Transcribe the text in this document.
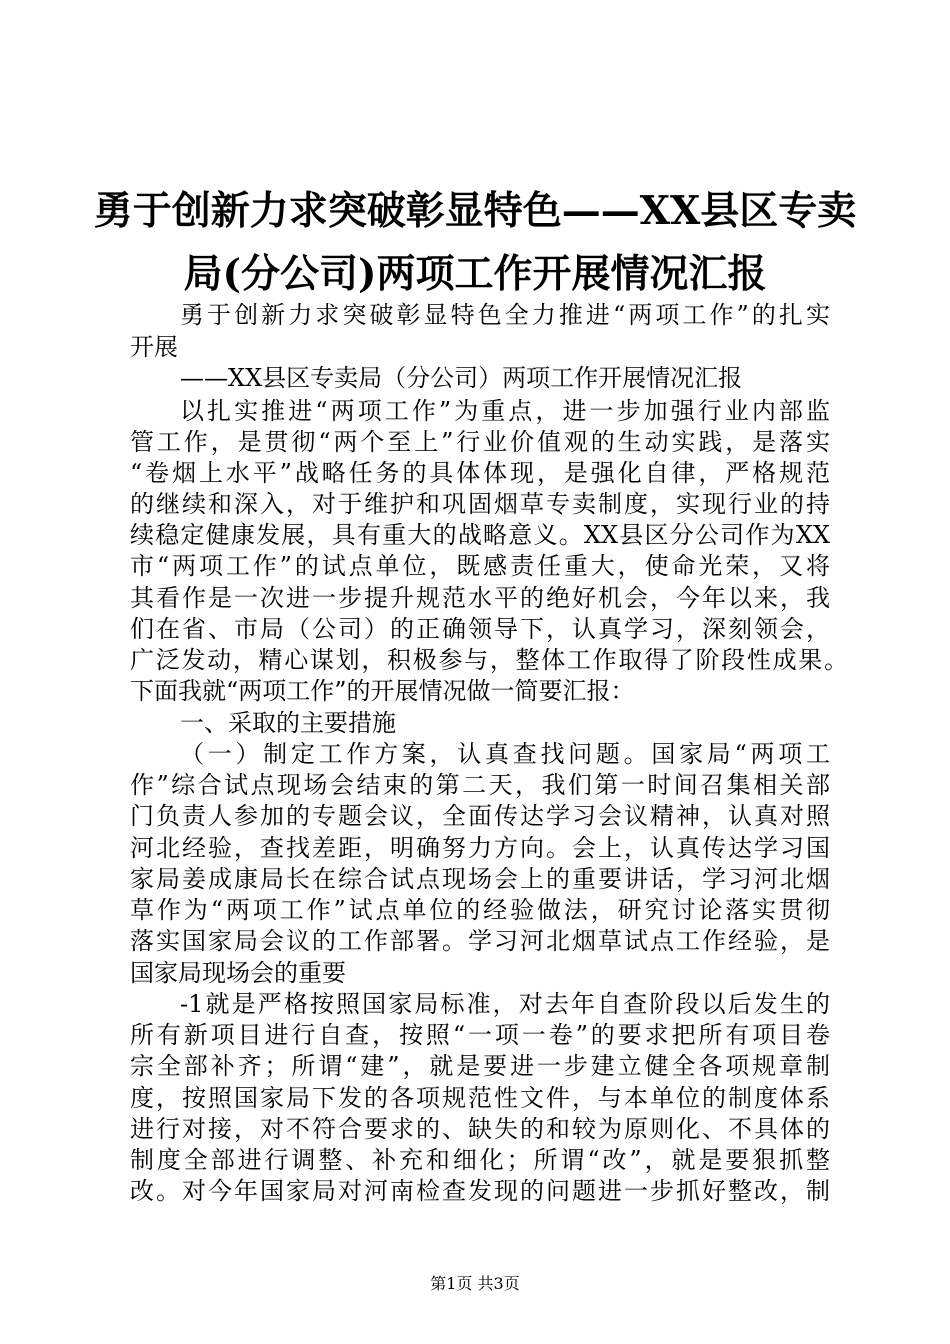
勇于创新力求突破彰显特色——XX县区专卖
局(分公司)两项工作开展情况汇报
勇于创新力求突破彰显特色全力推进“两项工作”的扎实
开展
——XX县区专卖局（分公司）两项工作开展情况汇报
以扎实推进“两项工作”为重点，进一步加强行业内部监
管工作，是贯彻“两个至上”行业价值观的生动实践，是落实
“卷烟上水平”战略任务的具体体现，是强化自律，严格规范
的继续和深入，对于维护和巩固烟草专卖制度，实现行业的持
续稳定健康发展，具有重大的战略意义。XX县区分公司作为XX
市“两项工作”的试点单位，既感责任重大，使命光荣，又将
其看作是一次进一步提升规范水平的绝好机会，今年以来，我
们在省、市局（公司）的正确领导下，认真学习，深刻领会，
广泛发动，精心谋划，积极参与，整体工作取得了阶段性成果。
下面我就“两项工作”的开展情况做一简要汇报：
一、采取的主要措施
（一）制定工作方案，认真查找问题。国家局“两项工
作”综合试点现场会结束的第二天，我们第一时间召集相关部
门负责人参加的专题会议，全面传达学习会议精神，认真对照
河北经验，查找差距，明确努力方向。会上，认真传达学习国
家局姜成康局长在综合试点现场会上的重要讲话，学习河北烟
草作为“两项工作”试点单位的经验做法，研究讨论落实贯彻
落实国家局会议的工作部署。学习河北烟草试点工作经验，是
国家局现场会的重要
-1就是严格按照国家局标准，对去年自查阶段以后发生的
所有新项目进行自查，按照“一项一卷”的要求把所有项目卷
宗全部补齐；所谓“建”，就是要进一步建立健全各项规章制
度，按照国家局下发的各项规范性文件，与本单位的制度体系
进行对接，对不符合要求的、缺失的和较为原则化、不具体的
制度全部进行调整、补充和细化；所谓“改”，就是要狠抓整
改。对今年国家局对河南检查发现的问题进一步抓好整改，制
第1页 共3页
